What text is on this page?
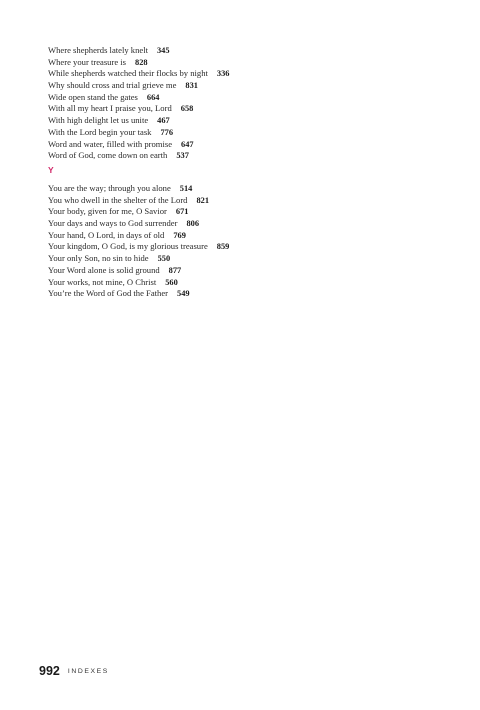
Where shepherds lately knelt 345
Where your treasure is 828
While shepherds watched their flocks by night 336
Why should cross and trial grieve me 831
Wide open stand the gates 664
With all my heart I praise you, Lord 658
With high delight let us unite 467
With the Lord begin your task 776
Word and water, filled with promise 647
Word of God, come down on earth 537
Y
You are the way; through you alone 514
You who dwell in the shelter of the Lord 821
Your body, given for me, O Savior 671
Your days and ways to God surrender 806
Your hand, O Lord, in days of old 769
Your kingdom, O God, is my glorious treasure 859
Your only Son, no sin to hide 550
Your Word alone is solid ground 877
Your works, not mine, O Christ 560
You’re the Word of God the Father 549
992 INDEXES
